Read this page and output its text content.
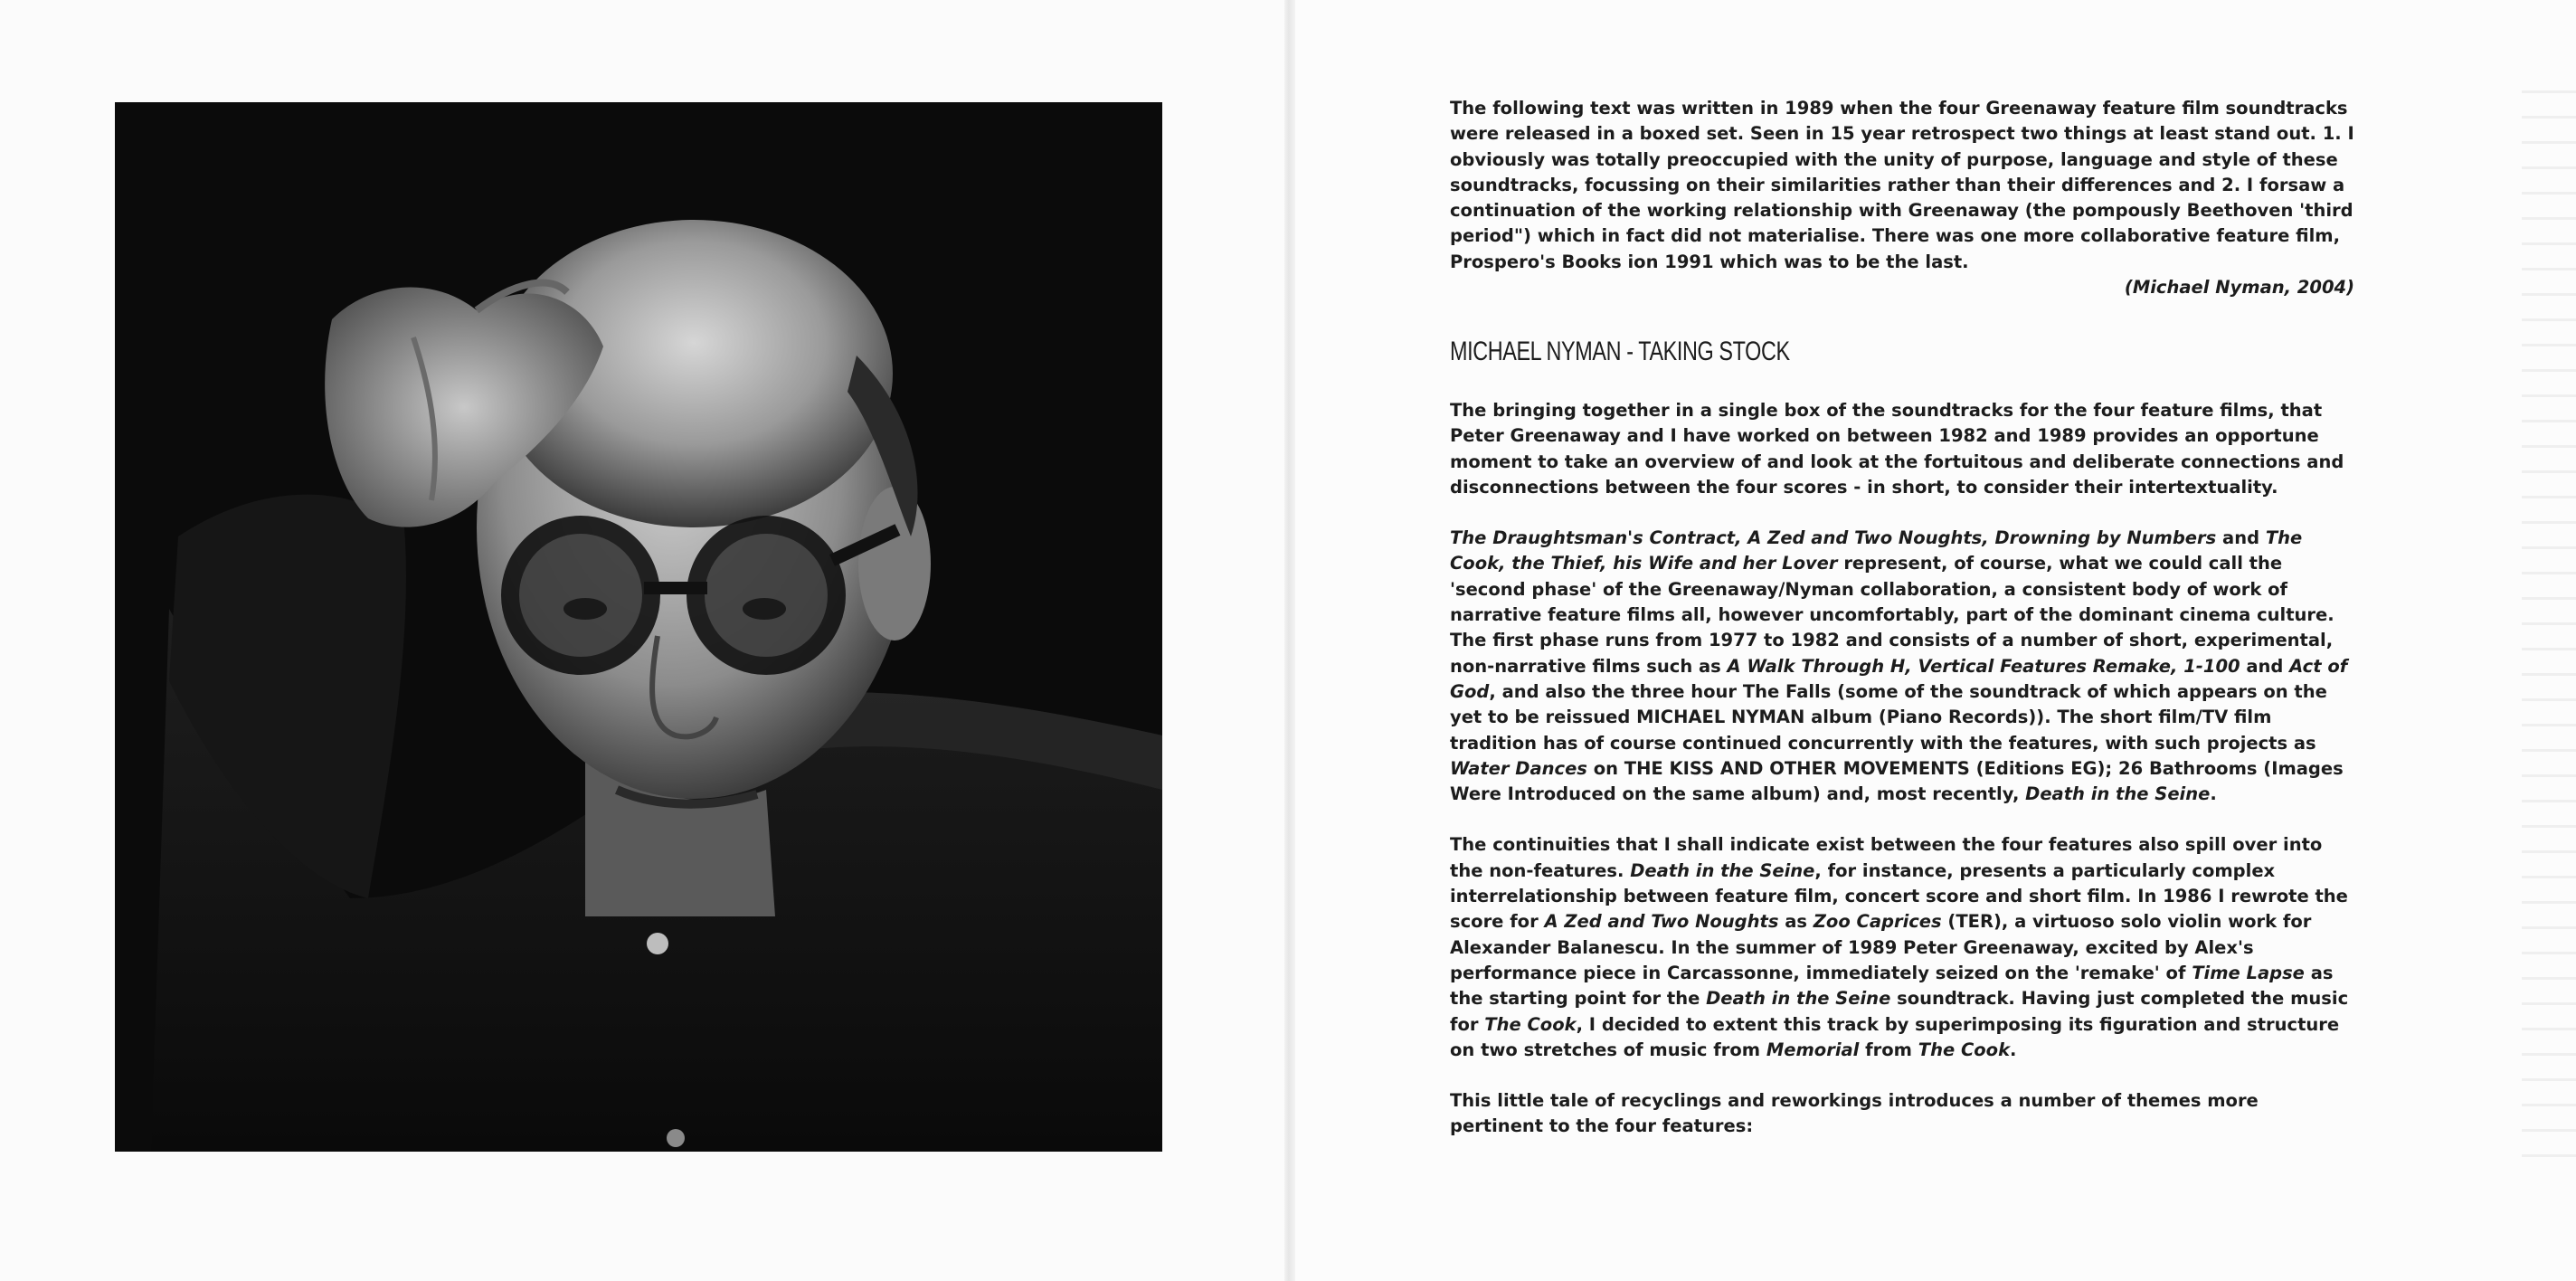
The following text was written in 1989 when the four Greenaway feature film soundtracks were released in a boxed set. Seen in 15 year retrospect two things at least stand out. 1. I obviously was totally preoccupied with the unity of purpose, language and style of these soundtracks, focussing on their similarities rather than their differences and 2. I forsaw a continuation of the working relationship with Greenaway (the pompously Beethoven 'third period") which in fact did not materialise. There was one more collaborative feature film, Prospero's Books ion 1991 which was to be the last.

(Michael Nyman, 2004)

MICHAEL NYMAN - TAKING STOCK

The bringing together in a single box of the soundtracks for the four feature films, that Peter Greenaway and I have worked on between 1982 and 1989 provides an opportune moment to take an overview of and look at the fortuitous and deliberate connections and disconnections between the four scores - in short, to consider their intertextuality.

The Draughtsman's Contract, A Zed and Two Noughts, Drowning by Numbers and The Cook, the Thief, his Wife and her Lover represent, of course, what we could call the 'second phase' of the Greenaway/Nyman collaboration, a consistent body of work of narrative feature films all, however uncomfortably, part of the dominant cinema culture. The first phase runs from 1977 to 1982 and consists of a number of short, experimental, non-narrative films such as A Walk Through H, Vertical Features Remake, 1-100 and Act of God, and also the three hour The Falls (some of the soundtrack of which appears on the yet to be reissued MICHAEL NYMAN album (Piano Records)). The short film/TV film tradition has of course continued concurrently with the features, with such projects as Water Dances on THE KISS AND OTHER MOVEMENTS (Editions EG); 26 Bathrooms (Images Were Introduced on the same album) and, most recently, Death in the Seine.

The continuities that I shall indicate exist between the four features also spill over into the non-features. Death in the Seine, for instance, presents a particularly complex interrelationship between feature film, concert score and short film. In 1986 I rewrote the score for A Zed and Two Noughts as Zoo Caprices (TER), a virtuoso solo violin work for Alexander Balanescu. In the summer of 1989 Peter Greenaway, excited by Alex's performance piece in Carcassonne, immediately seized on the 'remake' of Time Lapse as the starting point for the Death in the Seine soundtrack. Having just completed the music for The Cook, I decided to extent this track by superimposing its figuration and structure on two stretches of music from Memorial from The Cook.

This little tale of recyclings and reworkings introduces a number of themes more pertinent to the four features:
